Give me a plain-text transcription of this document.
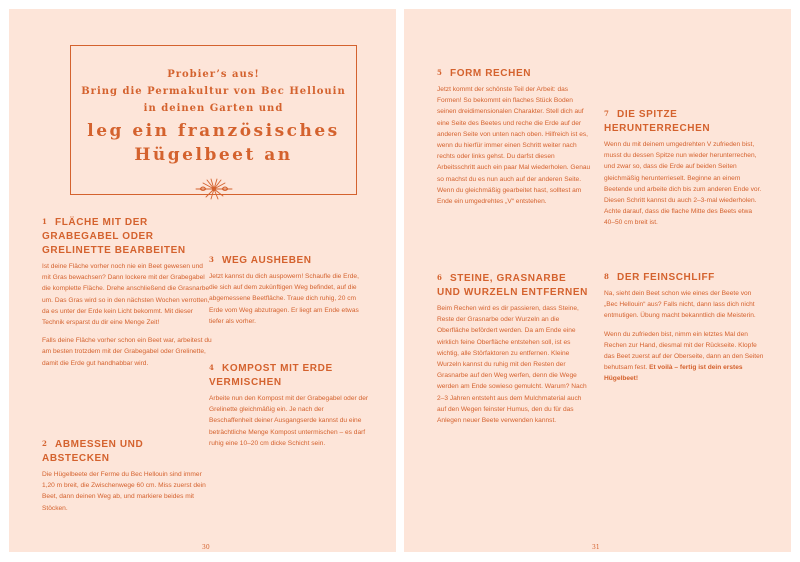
Probier’s aus!
Bring die Permakultur von Bec Hellouin
in deinen Garten und
leg ein französisches
Hügelbeet an
1 FLÄCHE MIT DER GRABEGABEL ODER GRELINETTE BEARBEITEN

Ist deine Fläche vorher noch nie ein Beet gewesen und mit Gras bewachsen? Dann lockere mit der Grabegabel die komplette Fläche. Drehe anschließend die Grasnarbe um. Das Gras wird so in den nächsten Wochen verrotten, da es unter der Erde kein Licht bekommt. Mit dieser Technik ersparst du dir eine Menge Zeit!

Falls deine Fläche vorher schon ein Beet war, arbeitest du am besten trotzdem mit der Grabegabel oder Grelinette, damit die Erde gut handhabbar wird.

2 ABMESSEN UND ABSTECKEN

Die Hügelbeete der Ferme du Bec Hellouin sind immer 1,20 m breit, die Zwischenwege 60 cm. Miss zuerst dein Beet, dann deinen Weg ab, und markiere beides mit Stöcken.

3 WEG AUSHEBEN

Jetzt kannst du dich auspowern! Schaufle die Erde, die sich auf dem zukünftigen Weg befindet, auf die abgemessene Beetfläche. Traue dich ruhig, 20 cm Erde vom Weg abzutragen. Er liegt am Ende etwas tiefer als vorher.

4 KOMPOST MIT ERDE VERMISCHEN

Arbeite nun den Kompost mit der Grabegabel oder der Grelinette gleichmäßig ein. Je nach der Beschaffenheit deiner Ausgangserde kannst du eine beträchtliche Menge Kompost untermischen – es darf ruhig eine 10–20 cm dicke Schicht sein.

30
5 FORM RECHEN

Jetzt kommt der schönste Teil der Arbeit: das Formen! So bekommt ein flaches Stück Boden seinen dreidimensionalen Charakter. Stell dich auf eine Seite des Beetes und reche die Erde auf der anderen Seite von unten nach oben. Hilfreich ist es, wenn du hierfür immer einen Schritt weiter nach rechts oder links gehst. Du darfst diesen Arbeitsschritt auch ein paar Mal wiederholen. Genau so machst du es nun auch auf der anderen Seite. Wenn du gleichmäßig gearbeitet hast, solltest am Ende ein umgedrehtes „V“ entstehen.

6 STEINE, GRASNARBE UND WURZELN ENTFERNEN

Beim Rechen wird es dir passieren, dass Steine, Reste der Grasnarbe oder Wurzeln an die Oberfläche befördert werden. Da am Ende eine wirklich feine Oberfläche entstehen soll, ist es wichtig, alle Störfaktoren zu entfernen. Kleine Wurzeln kannst du ruhig mit den Resten der Grasnarbe auf den Weg werfen, denn die Wege werden am Ende sowieso gemulcht. Warum? Nach 2–3 Jahren entsteht aus dem Mulchmaterial auch auf den Wegen feinster Humus, den du für das Anlegen neuer Beete verwenden kannst.

7 DIE SPITZE HERUNTERRECHEN

Wenn du mit deinem umgedrehten V zufrieden bist, musst du dessen Spitze nun wieder herunterrechen, und zwar so, dass die Erde auf beiden Seiten gleichmäßig herunterrieselt. Beginne an einem Beetende und arbeite dich bis zum anderen Ende vor. Diesen Schritt kannst du auch 2–3-mal wiederholen. Achte darauf, dass die flache Mitte des Beets etwa 40–50 cm breit ist.

8 DER FEINSCHLIFF

Na, sieht dein Beet schon wie eines der Beete von „Bec Hellouin“ aus? Falls nicht, dann lass dich nicht entmutigen. Übung macht bekanntlich die Meisterin.

Wenn du zufrieden bist, nimm ein letztes Mal den Rechen zur Hand, diesmal mit der Rückseite. Klopfe das Beet zuerst auf der Oberseite, dann an den Seiten behutsam fest. Et voilà – fertig ist dein erstes Hügelbeet!

31
